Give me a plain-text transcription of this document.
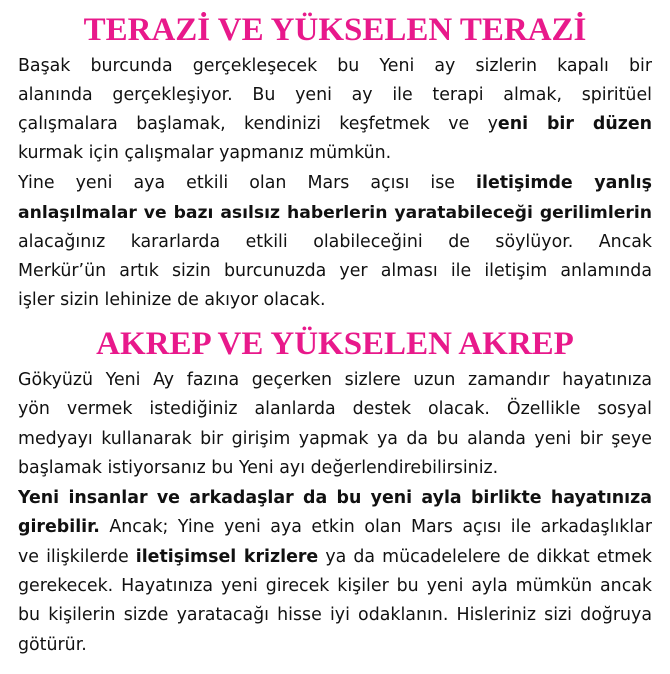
TERAZİ VE YÜKSELEN TERAZİ
Başak burcunda gerçekleşecek bu Yeni ay sizlerin kapalı bir
alanında gerçekleşiyor. Bu yeni ay ile terapi almak, spiritüel
çalışmalara başlamak, kendinizi keşfetmek ve yeni bir düzen
kurmak için çalışmalar yapmanız mümkün.
Yine yeni aya etkili olan Mars açısı ise iletişimde yanlış
anlaşılmalar ve bazı asılsız haberlerin yaratabileceği gerilimlerin
alacağınız kararlarda etkili olabileceğini de söylüyor. Ancak
Merkür’ün artık sizin burcunuzda yer alması ile iletişim anlamında
işler sizin lehinize de akıyor olacak.
AKREP VE YÜKSELEN AKREP
Gökyüzü Yeni Ay fazına geçerken sizlere uzun zamandır hayatınıza
yön vermek istediğiniz alanlarda destek olacak. Özellikle sosyal
medyayı kullanarak bir girişim yapmak ya da bu alanda yeni bir şeye
başlamak istiyorsanız bu Yeni ayı değerlendirebilirsiniz.
Yeni insanlar ve arkadaşlar da bu yeni ayla birlikte hayatınıza
girebilir. Ancak; Yine yeni aya etkin olan Mars açısı ile arkadaşlıklar
ve ilişkilerde iletişimsel krizlere ya da mücadelelere de dikkat etmek
gerekecek. Hayatınıza yeni girecek kişiler bu yeni ayla mümkün ancak
bu kişilerin sizde yaratacağı hisse iyi odaklanın. Hisleriniz sizi doğruya
götürür.
